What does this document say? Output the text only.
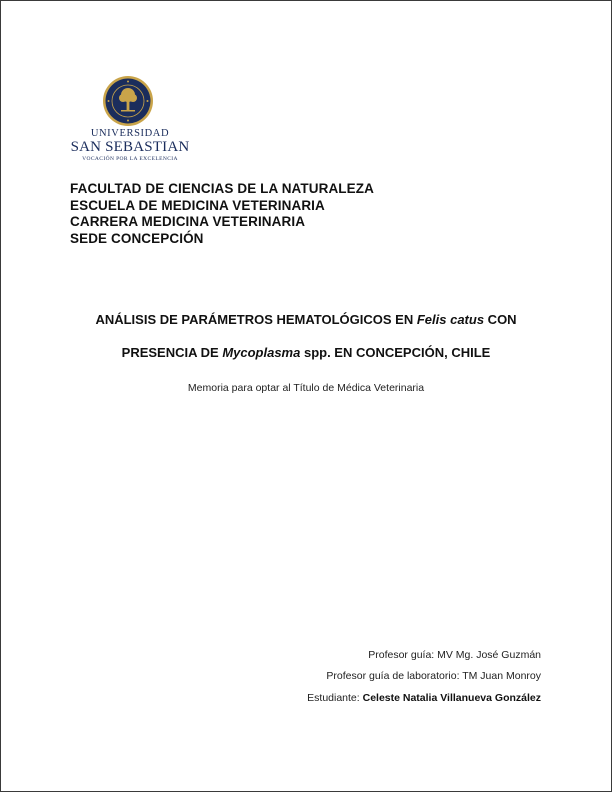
UNIVERSIDAD
SAN SEBASTIAN
VOCACIÓN POR LA EXCELENCIA
FACULTAD DE CIENCIAS DE LA NATURALEZA
ESCUELA DE MEDICINA VETERINARIA
CARRERA MEDICINA VETERINARIA
SEDE CONCEPCIÓN
ANÁLISIS DE PARÁMETROS HEMATOLÓGICOS EN Felis catus CON
PRESENCIA DE Mycoplasma spp. EN CONCEPCIÓN, CHILE
Memoria para optar al Título de Médica Veterinaria
Profesor guía: MV Mg. José Guzmán
Profesor guía de laboratorio: TM Juan Monroy
Estudiante: Celeste Natalia Villanueva González
